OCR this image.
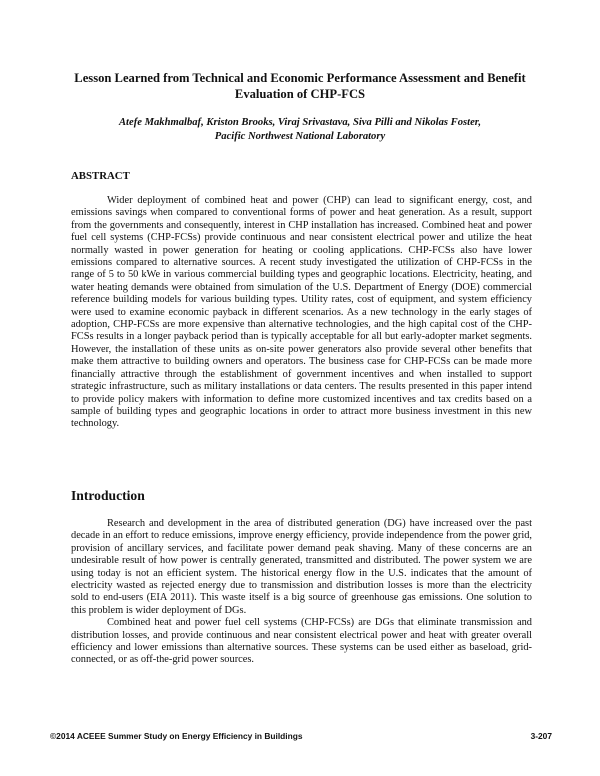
Lesson Learned from Technical and Economic Performance Assessment and Benefit Evaluation of CHP-FCS
Atefe Makhmalbaf, Kriston Brooks, Viraj Srivastava, Siva Pilli and Nikolas Foster,
Pacific Northwest National Laboratory
ABSTRACT

Wider deployment of combined heat and power (CHP) can lead to significant energy, cost, and emissions savings when compared to conventional forms of power and heat generation. As a result, support from the governments and consequently, interest in CHP installation has increased. Combined heat and power fuel cell systems (CHP-FCSs) provide continuous and near consistent electrical power and utilize the heat normally wasted in power generation for heating or cooling applications. CHP-FCSs also have lower emissions compared to alternative sources. A recent study investigated the utilization of CHP-FCSs in the range of 5 to 50 kWe in various commercial building types and geographic locations. Electricity, heating, and water heating demands were obtained from simulation of the U.S. Department of Energy (DOE) commercial reference building models for various building types. Utility rates, cost of equipment, and system efficiency were used to examine economic payback in different scenarios. As a new technology in the early stages of adoption, CHP-FCSs are more expensive than alternative technologies, and the high capital cost of the CHP-FCSs results in a longer payback period than is typically acceptable for all but early-adopter market segments. However, the installation of these units as on-site power generators also provide several other benefits that make them attractive to building owners and operators. The business case for CHP-FCSs can be made more financially attractive through the establishment of government incentives and when installed to support strategic infrastructure, such as military installations or data centers. The results presented in this paper intend to provide policy makers with information to define more customized incentives and tax credits based on a sample of building types and geographic locations in order to attract more business investment in this new technology.

Introduction

Research and development in the area of distributed generation (DG) have increased over the past decade in an effort to reduce emissions, improve energy efficiency, provide independence from the power grid, provision of ancillary services, and facilitate power demand peak shaving. Many of these concerns are an undesirable result of how power is centrally generated, transmitted and distributed. The power system we are using today is not an efficient system. The historical energy flow in the U.S. indicates that the amount of electricity wasted as rejected energy due to transmission and distribution losses is more than the electricity sold to end-users (EIA 2011). This waste itself is a big source of greenhouse gas emissions. One solution to this problem is wider deployment of DGs.

Combined heat and power fuel cell systems (CHP-FCSs) are DGs that eliminate transmission and distribution losses, and provide continuous and near consistent electrical power and heat with greater overall efficiency and lower emissions than alternative sources. These systems can be used either as baseload, grid-connected, or as off-the-grid power sources.

©2014 ACEEE Summer Study on Energy Efficiency in Buildings	3-207
